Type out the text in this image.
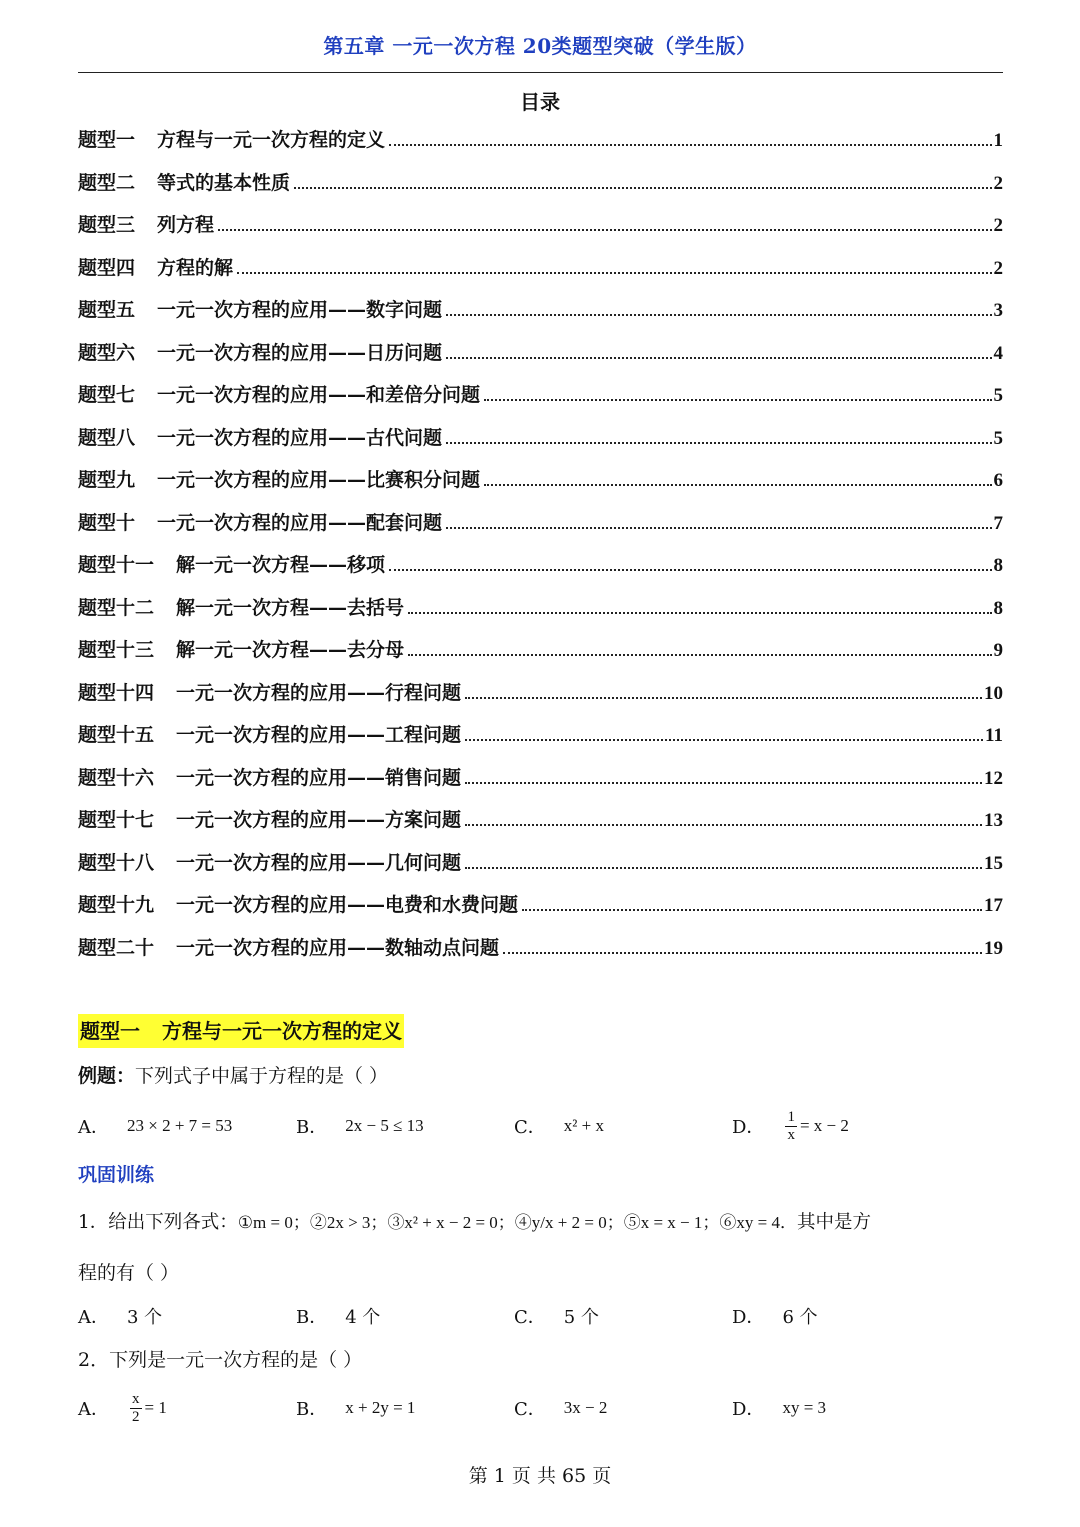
第五章 一元一次方程 20类题型突破（学生版）
目录
题型一 方程与一元一次方程的定义	1
题型二 等式的基本性质	2
题型三 列方程	2
题型四 方程的解	2
题型五 一元一次方程的应用——数字问题	3
题型六 一元一次方程的应用——日历问题	4
题型七 一元一次方程的应用——和差倍分问题	5
题型八 一元一次方程的应用——古代问题	5
题型九 一元一次方程的应用——比赛积分问题	6
题型十 一元一次方程的应用——配套问题	7
题型十一 解一元一次方程——移项	8
题型十二 解一元一次方程——去括号	8
题型十三 解一元一次方程——去分母	9
题型十四 一元一次方程的应用——行程问题	10
题型十五 一元一次方程的应用——工程问题	11
题型十六 一元一次方程的应用——销售问题	12
题型十七 一元一次方程的应用——方案问题	13
题型十八 一元一次方程的应用——几何问题	15
题型十九 一元一次方程的应用——电费和水费问题	17
题型二十 一元一次方程的应用——数轴动点问题	19
题型一 方程与一元一次方程的定义
例题：下列式子中属于方程的是（ ）
A． 23 × 2 + 7 = 53	B． 2x − 5 ≤ 13	C． x² + x	D． $\frac{1}{x} = x - 2$
巩固训练
1．给出下列各式：①m = 0；②2x > 3；③x² + x − 2 = 0；④y/x + 2 = 0；⑤x = x − 1；⑥xy = 4．其中是方
程的有（ ）
A． 3 个	B． 4 个	C． 5 个	D． 6 个
2．下列是一元一次方程的是（ ）
A． $\frac{x}{2} = 1$	B． x + 2y = 1	C． 3x − 2	D． xy = 3
第 1 页 共 65 页
